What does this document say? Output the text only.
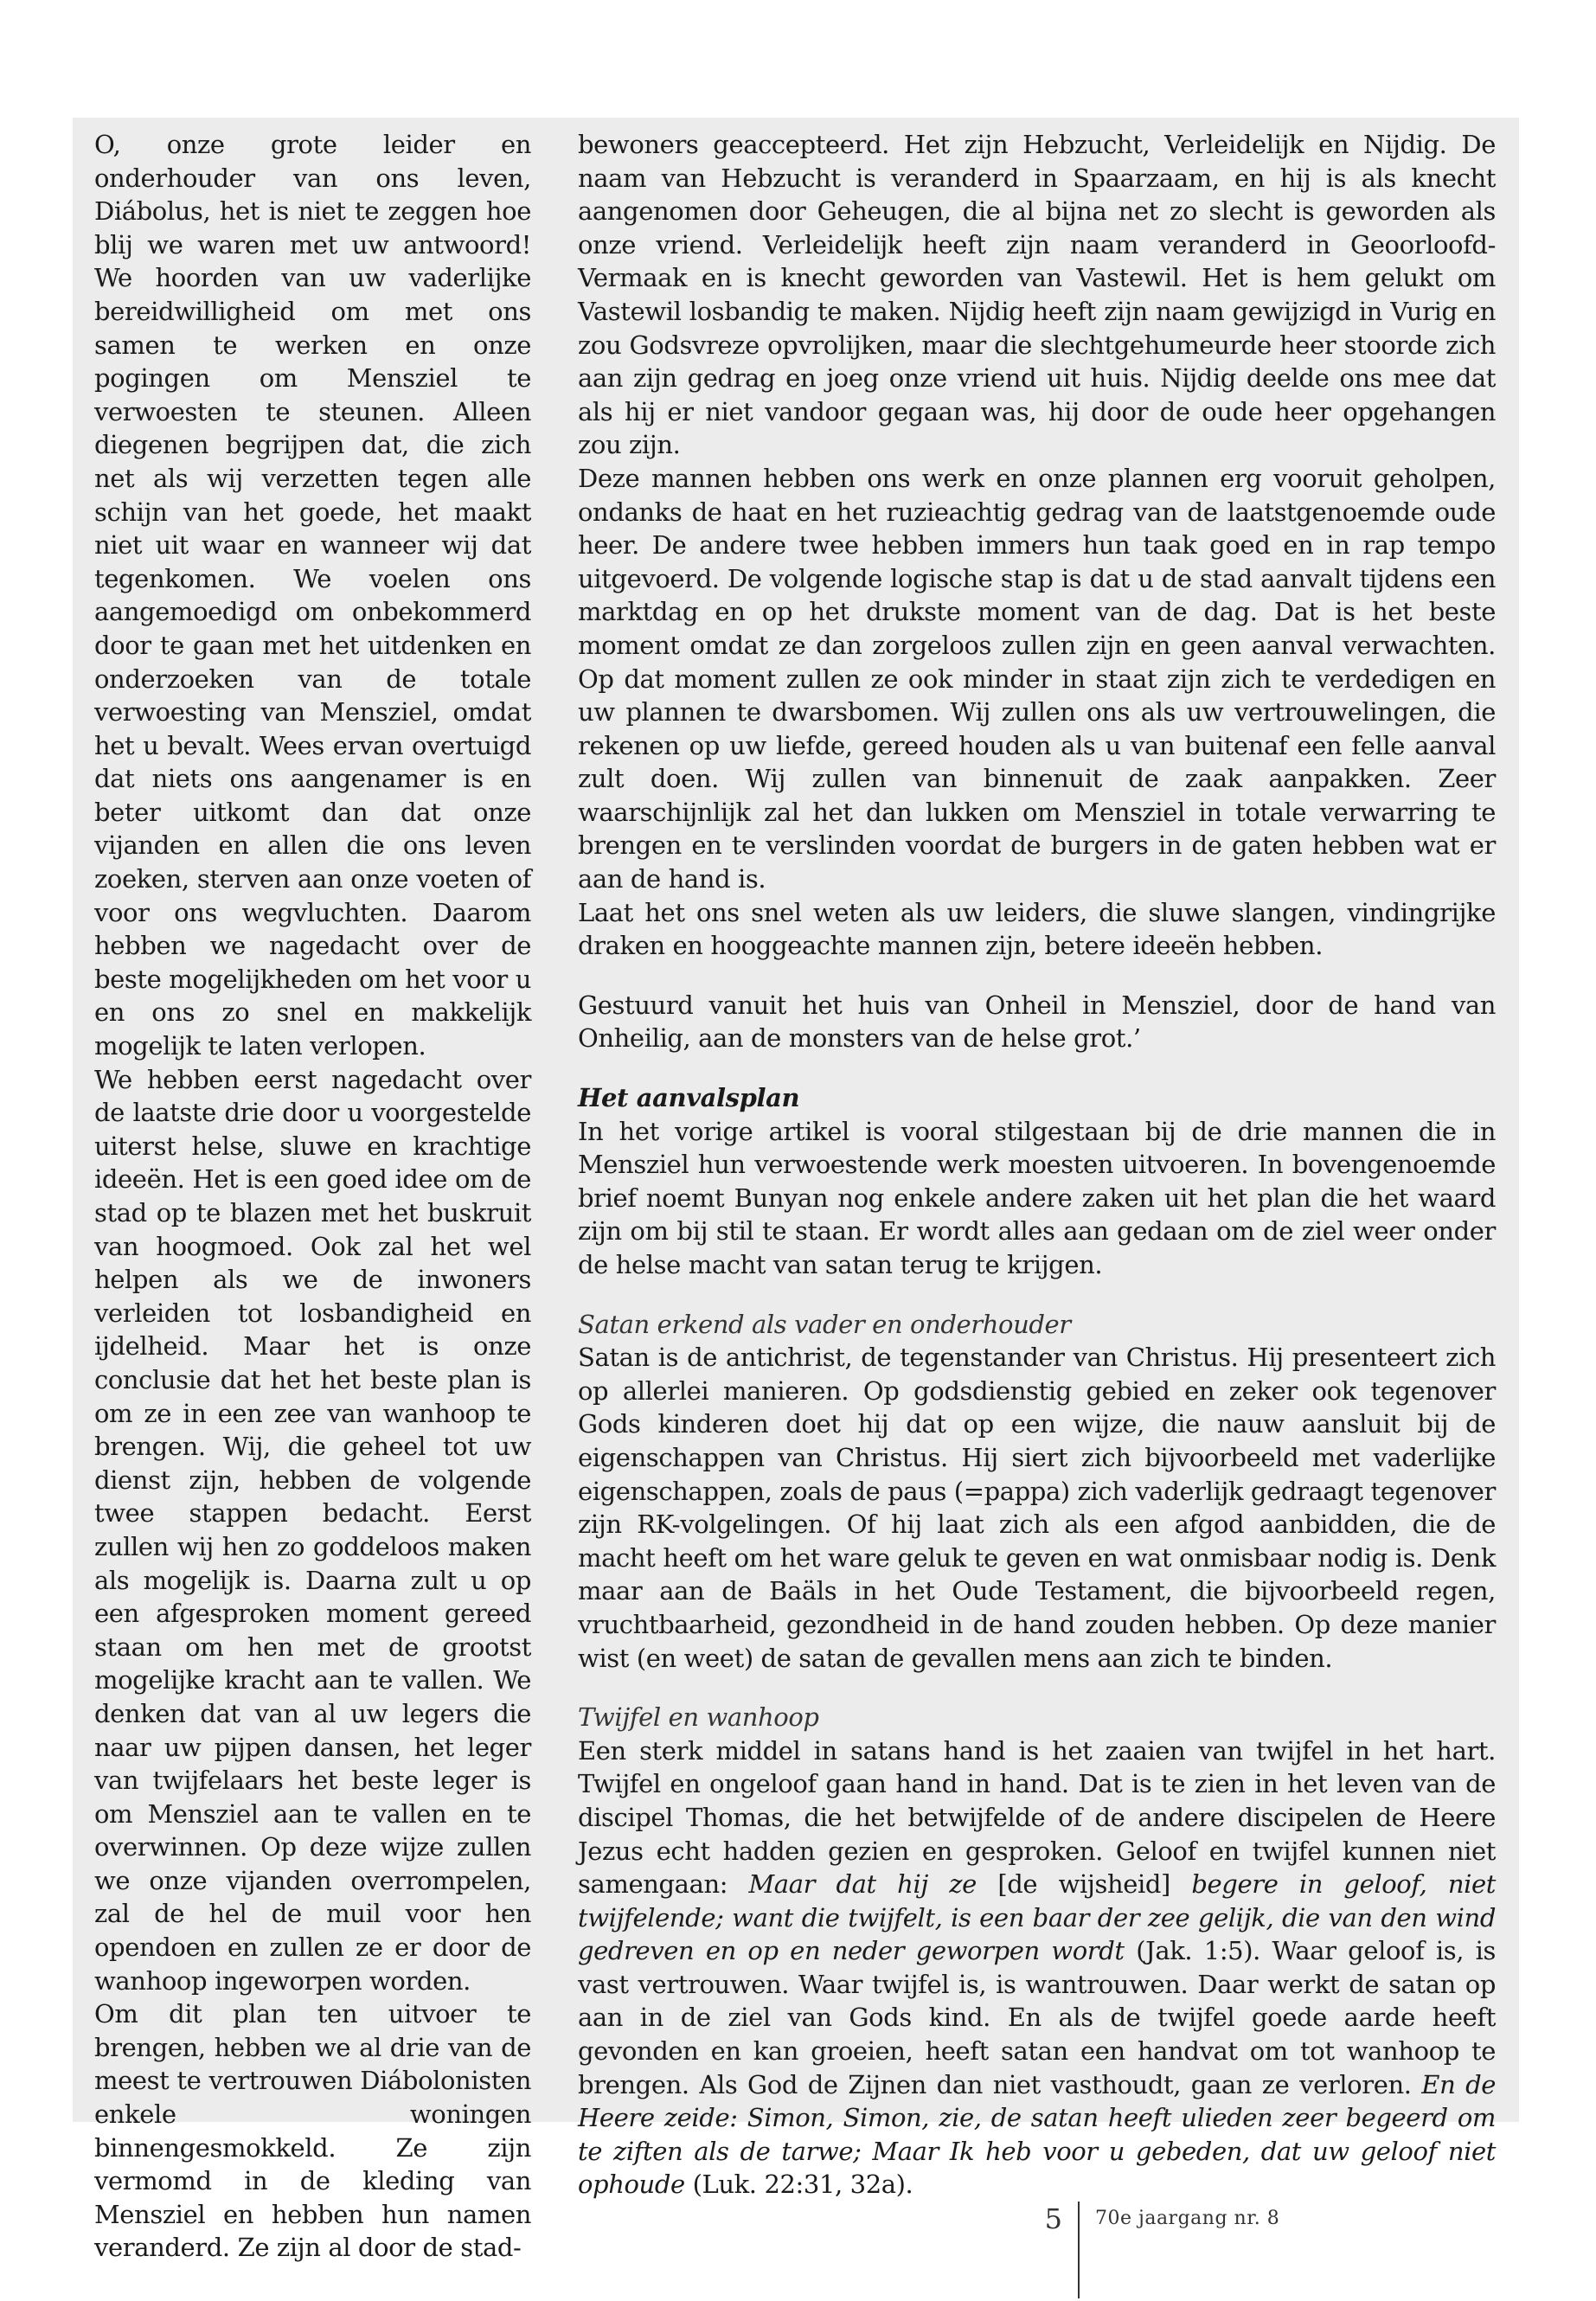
O, onze grote leider en onderhouder van ons leven, Diábolus, het is niet te zeggen hoe blij we waren met uw antwoord! We hoorden van uw vaderlijke bereidwilligheid om met ons samen te werken en onze pogingen om Mensziel te verwoesten te steunen. Alleen diegenen begrijpen dat, die zich net als wij verzetten tegen alle schijn van het goede, het maakt niet uit waar en wanneer wij dat tegenkomen. We voelen ons aangemoedigd om onbekommerd door te gaan met het uitdenken en onderzoeken van de totale verwoesting van Mensziel, omdat het u bevalt. Wees ervan overtuigd dat niets ons aangenamer is en beter uitkomt dan dat onze vijanden en allen die ons leven zoeken, sterven aan onze voeten of voor ons wegvluchten. Daarom hebben we nagedacht over de beste mogelijkheden om het voor u en ons zo snel en makkelijk mogelijk te laten verlopen.

We hebben eerst nagedacht over de laatste drie door u voorgestelde uiterst helse, sluwe en krachtige ideeën. Het is een goed idee om de stad op te blazen met het buskruit van hoogmoed. Ook zal het wel helpen als we de inwoners verleiden tot losbandigheid en ijdelheid. Maar het is onze conclusie dat het het beste plan is om ze in een zee van wanhoop te brengen. Wij, die geheel tot uw dienst zijn, hebben de volgende twee stappen bedacht. Eerst zullen wij hen zo goddeloos maken als mogelijk is. Daarna zult u op een afgesproken moment gereed staan om hen met de grootst mogelijke kracht aan te vallen. We denken dat van al uw legers die naar uw pijpen dansen, het leger van twijfelaars het beste leger is om Mensziel aan te vallen en te overwinnen. Op deze wijze zullen we onze vijanden overrompelen, zal de hel de muil voor hen opendoen en zullen ze er door de wanhoop ingeworpen worden.

Om dit plan ten uitvoer te brengen, hebben we al drie van de meest te vertrouwen Diábolonisten enkele woningen binnengesmokkeld. Ze zijn vermomd in de kleding van Mensziel en hebben hun namen veranderd. Ze zijn al door de stad-

bewoners geaccepteerd. Het zijn Hebzucht, Verleidelijk en Nijdig. De naam van Hebzucht is veranderd in Spaarzaam, en hij is als knecht aangenomen door Geheugen, die al bijna net zo slecht is geworden als onze vriend. Verleidelijk heeft zijn naam veranderd in Geoorloofd-Vermaak en is knecht geworden van Vastewil. Het is hem gelukt om Vastewil losbandig te maken. Nijdig heeft zijn naam gewijzigd in Vurig en zou Godsvreze opvrolijken, maar die slechtgehumeurde heer stoorde zich aan zijn gedrag en joeg onze vriend uit huis. Nijdig deelde ons mee dat als hij er niet vandoor gegaan was, hij door de oude heer opgehangen zou zijn.

Deze mannen hebben ons werk en onze plannen erg vooruit geholpen, ondanks de haat en het ruzieachtig gedrag van de laatstgenoemde oude heer. De andere twee hebben immers hun taak goed en in rap tempo uitgevoerd. De volgende logische stap is dat u de stad aanvalt tijdens een marktdag en op het drukste moment van de dag. Dat is het beste moment omdat ze dan zorgeloos zullen zijn en geen aanval verwachten. Op dat moment zullen ze ook minder in staat zijn zich te verdedigen en uw plannen te dwarsbomen. Wij zullen ons als uw vertrouwelingen, die rekenen op uw liefde, gereed houden als u van buitenaf een felle aanval zult doen. Wij zullen van binnenuit de zaak aanpakken. Zeer waarschijnlijk zal het dan lukken om Mensziel in totale verwarring te brengen en te verslinden voordat de burgers in de gaten hebben wat er aan de hand is.

Laat het ons snel weten als uw leiders, die sluwe slangen, vindingrijke draken en hooggeachte mannen zijn, betere ideeën hebben.

Gestuurd vanuit het huis van Onheil in Mensziel, door de hand van Onheilig, aan de monsters van de helse grot.’

Het aanvalsplan

In het vorige artikel is vooral stilgestaan bij de drie mannen die in Mensziel hun verwoestende werk moesten uitvoeren. In bovengenoemde brief noemt Bunyan nog enkele andere zaken uit het plan die het waard zijn om bij stil te staan. Er wordt alles aan gedaan om de ziel weer onder de helse macht van satan terug te krijgen.

Satan erkend als vader en onderhouder

Satan is de antichrist, de tegenstander van Christus. Hij presenteert zich op allerlei manieren. Op godsdienstig gebied en zeker ook tegenover Gods kinderen doet hij dat op een wijze, die nauw aansluit bij de eigenschappen van Christus. Hij siert zich bijvoorbeeld met vaderlijke eigenschappen, zoals de paus (=pappa) zich vaderlijk gedraagt tegenover zijn RK-volgelingen. Of hij laat zich als een afgod aanbidden, die de macht heeft om het ware geluk te geven en wat onmisbaar nodig is. Denk maar aan de Baäls in het Oude Testament, die bijvoorbeeld regen, vruchtbaarheid, gezondheid in de hand zouden hebben. Op deze manier wist (en weet) de satan de gevallen mens aan zich te binden.

Twijfel en wanhoop

Een sterk middel in satans hand is het zaaien van twijfel in het hart. Twijfel en ongeloof gaan hand in hand. Dat is te zien in het leven van de discipel Thomas, die het betwijfelde of de andere discipelen de Heere Jezus echt hadden gezien en gesproken. Geloof en twijfel kunnen niet samengaan: Maar dat hij ze [de wijsheid] begere in geloof, niet twijfelende; want die twijfelt, is een baar der zee gelijk, die van den wind gedreven en op en neder geworpen wordt (Jak. 1:5). Waar geloof is, is vast vertrouwen. Waar twijfel is, is wantrouwen. Daar werkt de satan op aan in de ziel van Gods kind. En als de twijfel goede aarde heeft gevonden en kan groeien, heeft satan een handvat om tot wanhoop te brengen. Als God de Zijnen dan niet vasthoudt, gaan ze verloren. En de Heere zeide: Simon, Simon, zie, de satan heeft ulieden zeer begeerd om te ziften als de tarwe; Maar Ik heb voor u gebeden, dat uw geloof niet ophoude (Luk. 22:31, 32a).

5	70e jaargang nr. 8
